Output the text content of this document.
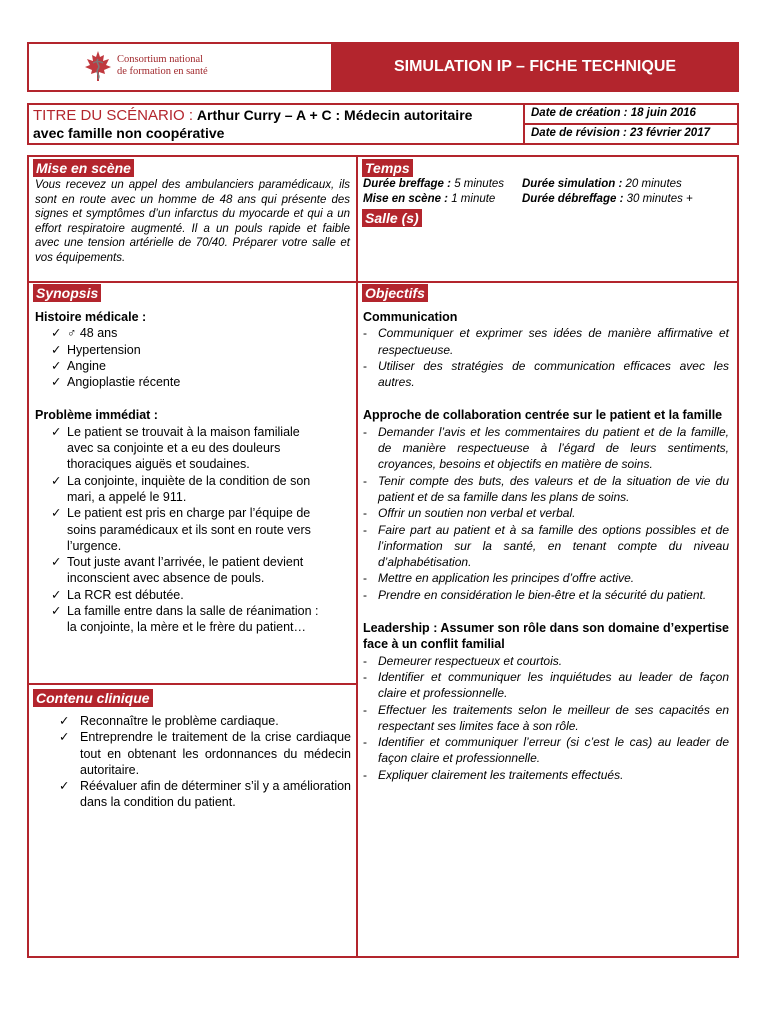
Consortium national
de formation en santé	SIMULATION IP – FICHE TECHNIQUE
TITRE DU SCÉNARIO : Arthur Curry – A + C : Médecin autoritaire
avec famille non coopérative
Date de création : 18 juin 2016
Date de révision : 23 février 2017
Mise en scène
Vous recevez un appel des ambulanciers paramédicaux, ils sont en route avec un homme de 48 ans qui présente des signes et symptômes d’un infarctus du myocarde et qui a un effort respiratoire augmenté. Il a un pouls rapide et faible avec une tension artérielle de 70/40. Préparer votre salle et vos équipements.
Temps
Durée breffage : 5 minutes Durée simulation : 20 minutes
Mise en scène : 1 minute Durée débreffage : 30 minutes +
Salle (s)
Synopsis
Histoire médicale :
✓ ♂ 48 ans
✓ Hypertension
✓ Angine
✓ Angioplastie récente
Problème immédiat :
✓ Le patient se trouvait à la maison familiale
avec sa conjointe et a eu des douleurs
thoraciques aiguës et soudaines.
✓ La conjointe, inquiète de la condition de son
mari, a appelé le 911.
✓ Le patient est pris en charge par l’équipe de
soins paramédicaux et ils sont en route vers
l’urgence.
✓ Tout juste avant l’arrivée, le patient devient
inconscient avec absence de pouls.
✓ La RCR est débutée.
✓ La famille entre dans la salle de réanimation :
la conjointe, la mère et le frère du patient…
Objectifs
Communication
- Communiquer et exprimer ses idées de manière affirmative et respectueuse.
- Utiliser des stratégies de communication efficaces avec les autres.
Approche de collaboration centrée sur le patient et la famille
- Demander l’avis et les commentaires du patient et de la famille, de manière respectueuse à l’égard de leurs sentiments, croyances, besoins et objectifs en matière de soins.
- Tenir compte des buts, des valeurs et de la situation de vie du patient et de sa famille dans les plans de soins.
- Offrir un soutien non verbal et verbal.
- Faire part au patient et à sa famille des options possibles et de l’information sur la santé, en tenant compte du niveau d’alphabétisation.
- Mettre en application les principes d’offre active.
- Prendre en considération le bien-être et la sécurité du patient.
Leadership : Assumer son rôle dans son domaine d’expertise face à un conflit familial
- Demeurer respectueux et courtois.
- Identifier et communiquer les inquiétudes au leader de façon claire et professionnelle.
- Effectuer les traitements selon le meilleur de ses capacités en respectant ses limites face à son rôle.
- Identifier et communiquer l’erreur (si c’est le cas) au leader de façon claire et professionnelle.
- Expliquer clairement les traitements effectués.
Contenu clinique
✓ Reconnaître le problème cardiaque.
✓ Entreprendre le traitement de la crise cardiaque tout en obtenant les ordonnances du médecin autoritaire.
✓ Réévaluer afin de déterminer s’il y a amélioration dans la condition du patient.
